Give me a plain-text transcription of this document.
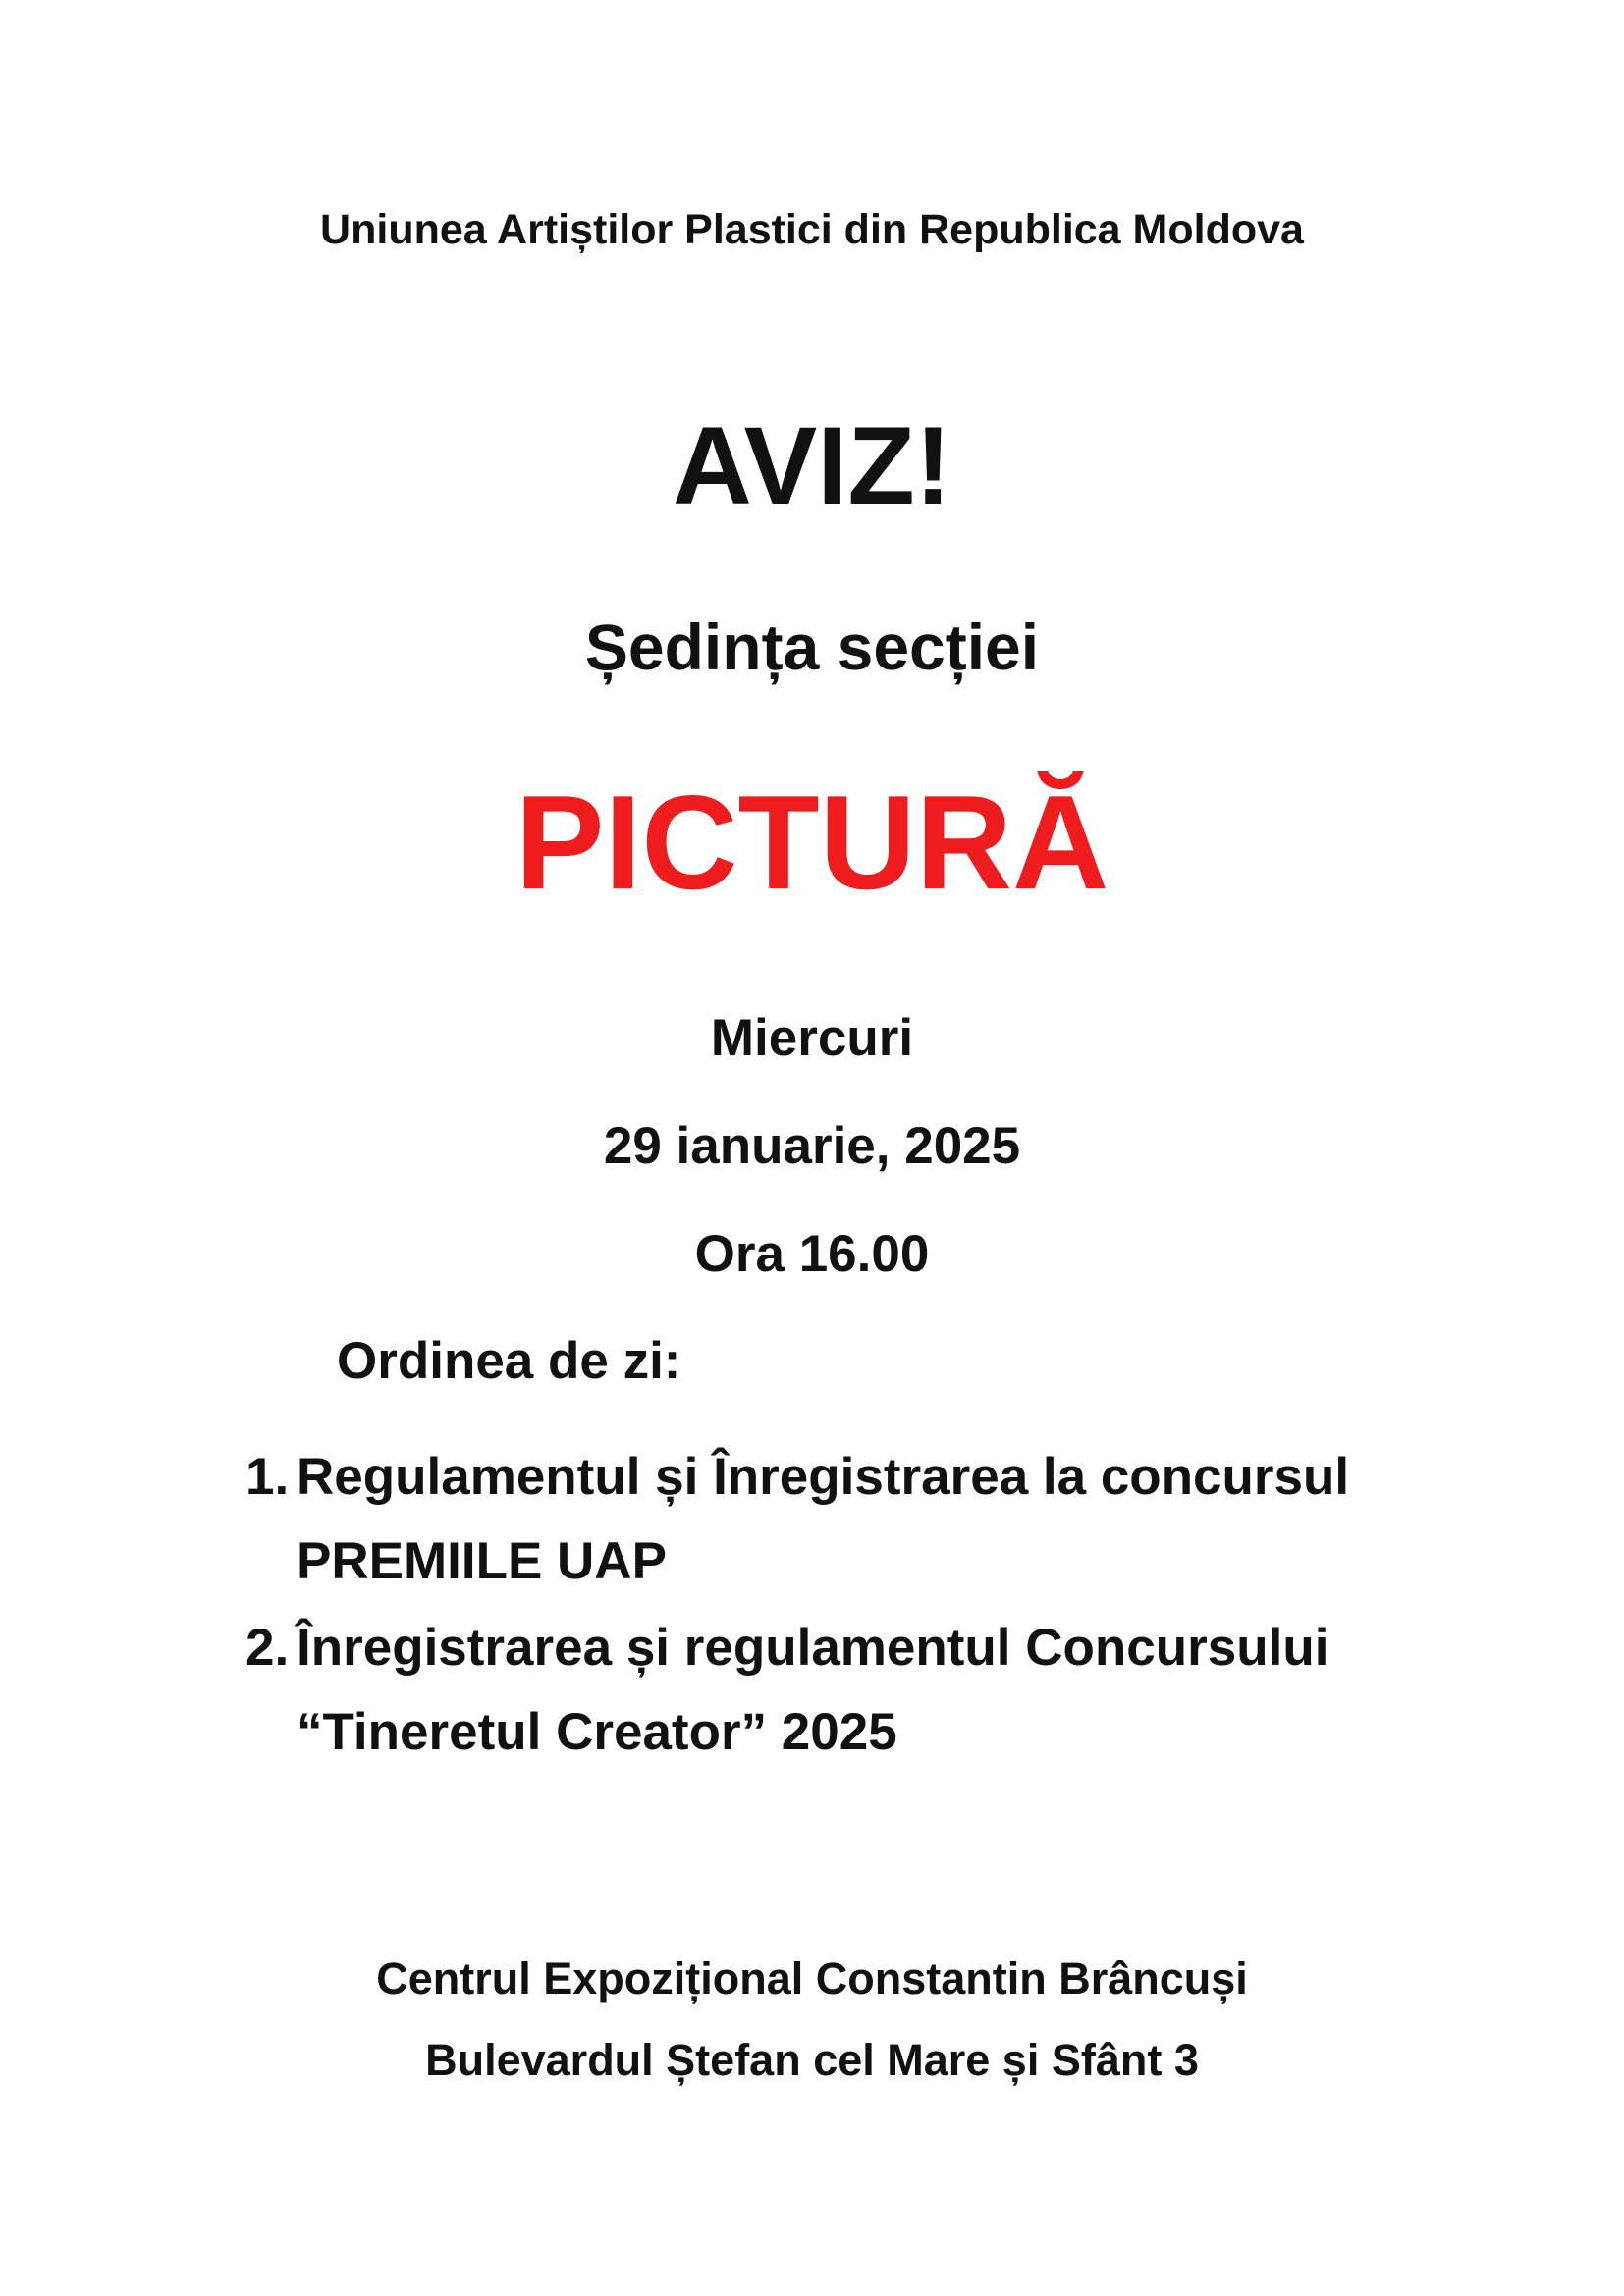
Uniunea Artiștilor Plastici din Republica Moldova

AVIZ!

Ședința secției

PICTURĂ

Miercuri

29 ianuarie, 2025

Ora 16.00

Ordinea de zi:

1. Regulamentul și Înregistrarea la concursul
PREMIILE UAP
2. Înregistrarea și regulamentul Concursului
“Tineretul Creator” 2025

Centrul Expozițional Constantin Brâncuși

Bulevardul Ștefan cel Mare și Sfânt 3
